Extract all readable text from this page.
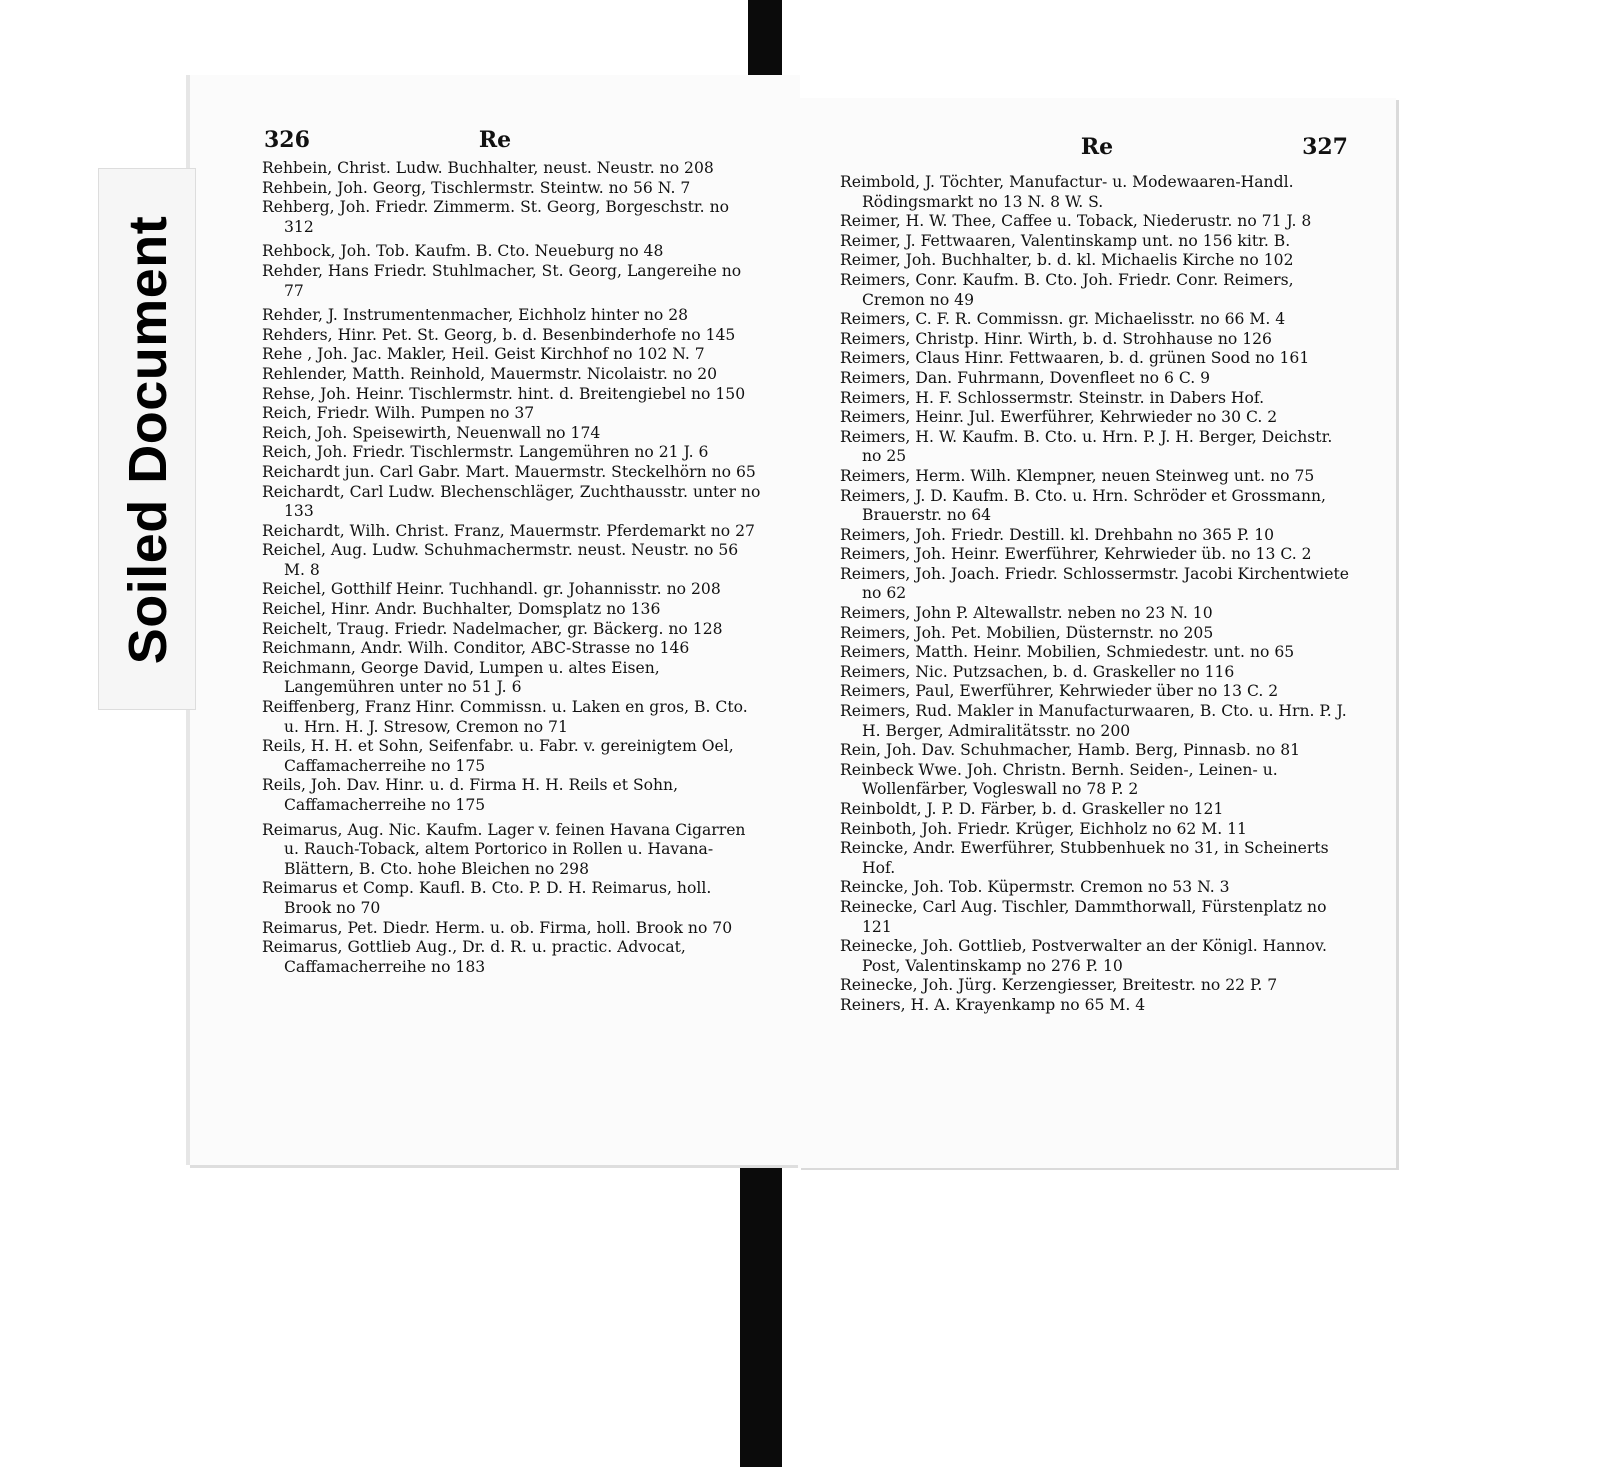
326	Re
Rehbein, Christ. Ludw. Buchhalter, neust. Neustr. no 208
Rehbein, Joh. Georg, Tischlermstr. Steintw. no 56 N. 7
Rehberg, Joh. Friedr. Zimmerm. St. Georg, Borgeschstr. no 312
Rehbock, Joh. Tob. Kaufm. B. Cto. Neueburg no 48
Rehder, Hans Friedr. Stuhlmacher, St. Georg, Langereihe no 77
Rehder, J. Instrumentenmacher, Eichholz hinter no 28
Rehders, Hinr. Pet. St. Georg, b. d. Besenbinderhofe no 145
Rehe , Joh. Jac. Makler, Heil. Geist Kirchhof no 102 N. 7
Rehlender, Matth. Reinhold, Mauermstr. Nicolaistr. no 20
Rehse, Joh. Heinr. Tischlermstr. hint. d. Breitengiebel no 150
Reich, Friedr. Wilh. Pumpen no 37
Reich, Joh. Speisewirth, Neuenwall no 174
Reich, Joh. Friedr. Tischlermstr. Langemühren no 21 J. 6
Reichardt jun. Carl Gabr. Mart. Mauermstr. Steckelhörn no 65
Reichardt, Carl Ludw. Blechenschläger, Zuchthausstr. unter no 133
Reichardt, Wilh. Christ. Franz, Mauermstr. Pferdemarkt no 27
Reichel, Aug. Ludw. Schuhmachermstr. neust. Neustr. no 56 M. 8
Reichel, Gotthilf Heinr. Tuchhandl. gr. Johannisstr. no 208
Reichel, Hinr. Andr. Buchhalter, Domsplatz no 136
Reichelt, Traug. Friedr. Nadelmacher, gr. Bäckerg. no 128
Reichmann, Andr. Wilh. Conditor, ABC-Strasse no 146
Reichmann, George David, Lumpen u. altes Eisen, Langemühren unter no 51 J. 6
Reiffenberg, Franz Hinr. Commissn. u. Laken en gros, B. Cto. u. Hrn. H. J. Stresow, Cremon no 71
Reils, H. H. et Sohn, Seifenfabr. u. Fabr. v. gereinigtem Oel, Caffamacherreihe no 175
Reils, Joh. Dav. Hinr. u. d. Firma H. H. Reils et Sohn, Caffamacherreihe no 175
Reimarus, Aug. Nic. Kaufm. Lager v. feinen Havana Cigarren u. Rauch-Toback, altem Portorico in Rollen u. Havana-Blättern, B. Cto. hohe Bleichen no 298
Reimarus et Comp. Kaufl. B. Cto. P. D. H. Reimarus, holl. Brook no 70
Reimarus, Pet. Diedr. Herm. u. ob. Firma, holl. Brook no 70
Reimarus, Gottlieb Aug., Dr. d. R. u. practic. Advocat, Caffamacherreihe no 183
Re	327
Reimbold, J. Töchter, Manufactur- u. Modewaaren-Handl. Rödingsmarkt no 13 N. 8 W. S.
Reimer, H. W. Thee, Caffee u. Toback, Niederustr. no 71 J. 8
Reimer, J. Fettwaaren, Valentinskamp unt. no 156 kitr. B.
Reimer, Joh. Buchhalter, b. d. kl. Michaelis Kirche no 102
Reimers, Conr. Kaufm. B. Cto. Joh. Friedr. Conr. Reimers, Cremon no 49
Reimers, C. F. R. Commissn. gr. Michaelisstr. no 66 M. 4
Reimers, Christp. Hinr. Wirth, b. d. Strohhause no 126
Reimers, Claus Hinr. Fettwaaren, b. d. grünen Sood no 161
Reimers, Dan. Fuhrmann, Dovenfleet no 6 C. 9
Reimers, H. F. Schlossermstr. Steinstr. in Dabers Hof.
Reimers, Heinr. Jul. Ewerführer, Kehrwieder no 30 C. 2
Reimers, H. W. Kaufm. B. Cto. u. Hrn. P. J. H. Berger, Deichstr. no 25
Reimers, Herm. Wilh. Klempner, neuen Steinweg unt. no 75
Reimers, J. D. Kaufm. B. Cto. u. Hrn. Schröder et Grossmann, Brauerstr. no 64
Reimers, Joh. Friedr. Destill. kl. Drehbahn no 365 P. 10
Reimers, Joh. Heinr. Ewerführer, Kehrwieder üb. no 13 C. 2
Reimers, Joh. Joach. Friedr. Schlossermstr. Jacobi Kirchentwiete no 62
Reimers, John P. Altewallstr. neben no 23 N. 10
Reimers, Joh. Pet. Mobilien, Düsternstr. no 205
Reimers, Matth. Heinr. Mobilien, Schmiedestr. unt. no 65
Reimers, Nic. Putzsachen, b. d. Graskeller no 116
Reimers, Paul, Ewerführer, Kehrwieder über no 13 C. 2
Reimers, Rud. Makler in Manufacturwaaren, B. Cto. u. Hrn. P. J. H. Berger, Admiralitätsstr. no 200
Rein, Joh. Dav. Schuhmacher, Hamb. Berg, Pinnasb. no 81
Reinbeck Wwe. Joh. Christn. Bernh. Seiden-, Leinen- u. Wollenfärber, Vogleswall no 78 P. 2
Reinboldt, J. P. D. Färber, b. d. Graskeller no 121
Reinboth, Joh. Friedr. Krüger, Eichholz no 62 M. 11
Reincke, Andr. Ewerführer, Stubbenhuek no 31, in Scheinerts Hof.
Reincke, Joh. Tob. Küpermstr. Cremon no 53 N. 3
Reinecke, Carl Aug. Tischler, Dammthorwall, Fürstenplatz no 121
Reinecke, Joh. Gottlieb, Postverwalter an der Königl. Hannov. Post, Valentinskamp no 276 P. 10
Reinecke, Joh. Jürg. Kerzengiesser, Breitestr. no 22 P. 7
Reiners, H. A. Krayenkamp no 65 M. 4
Soiled Document
